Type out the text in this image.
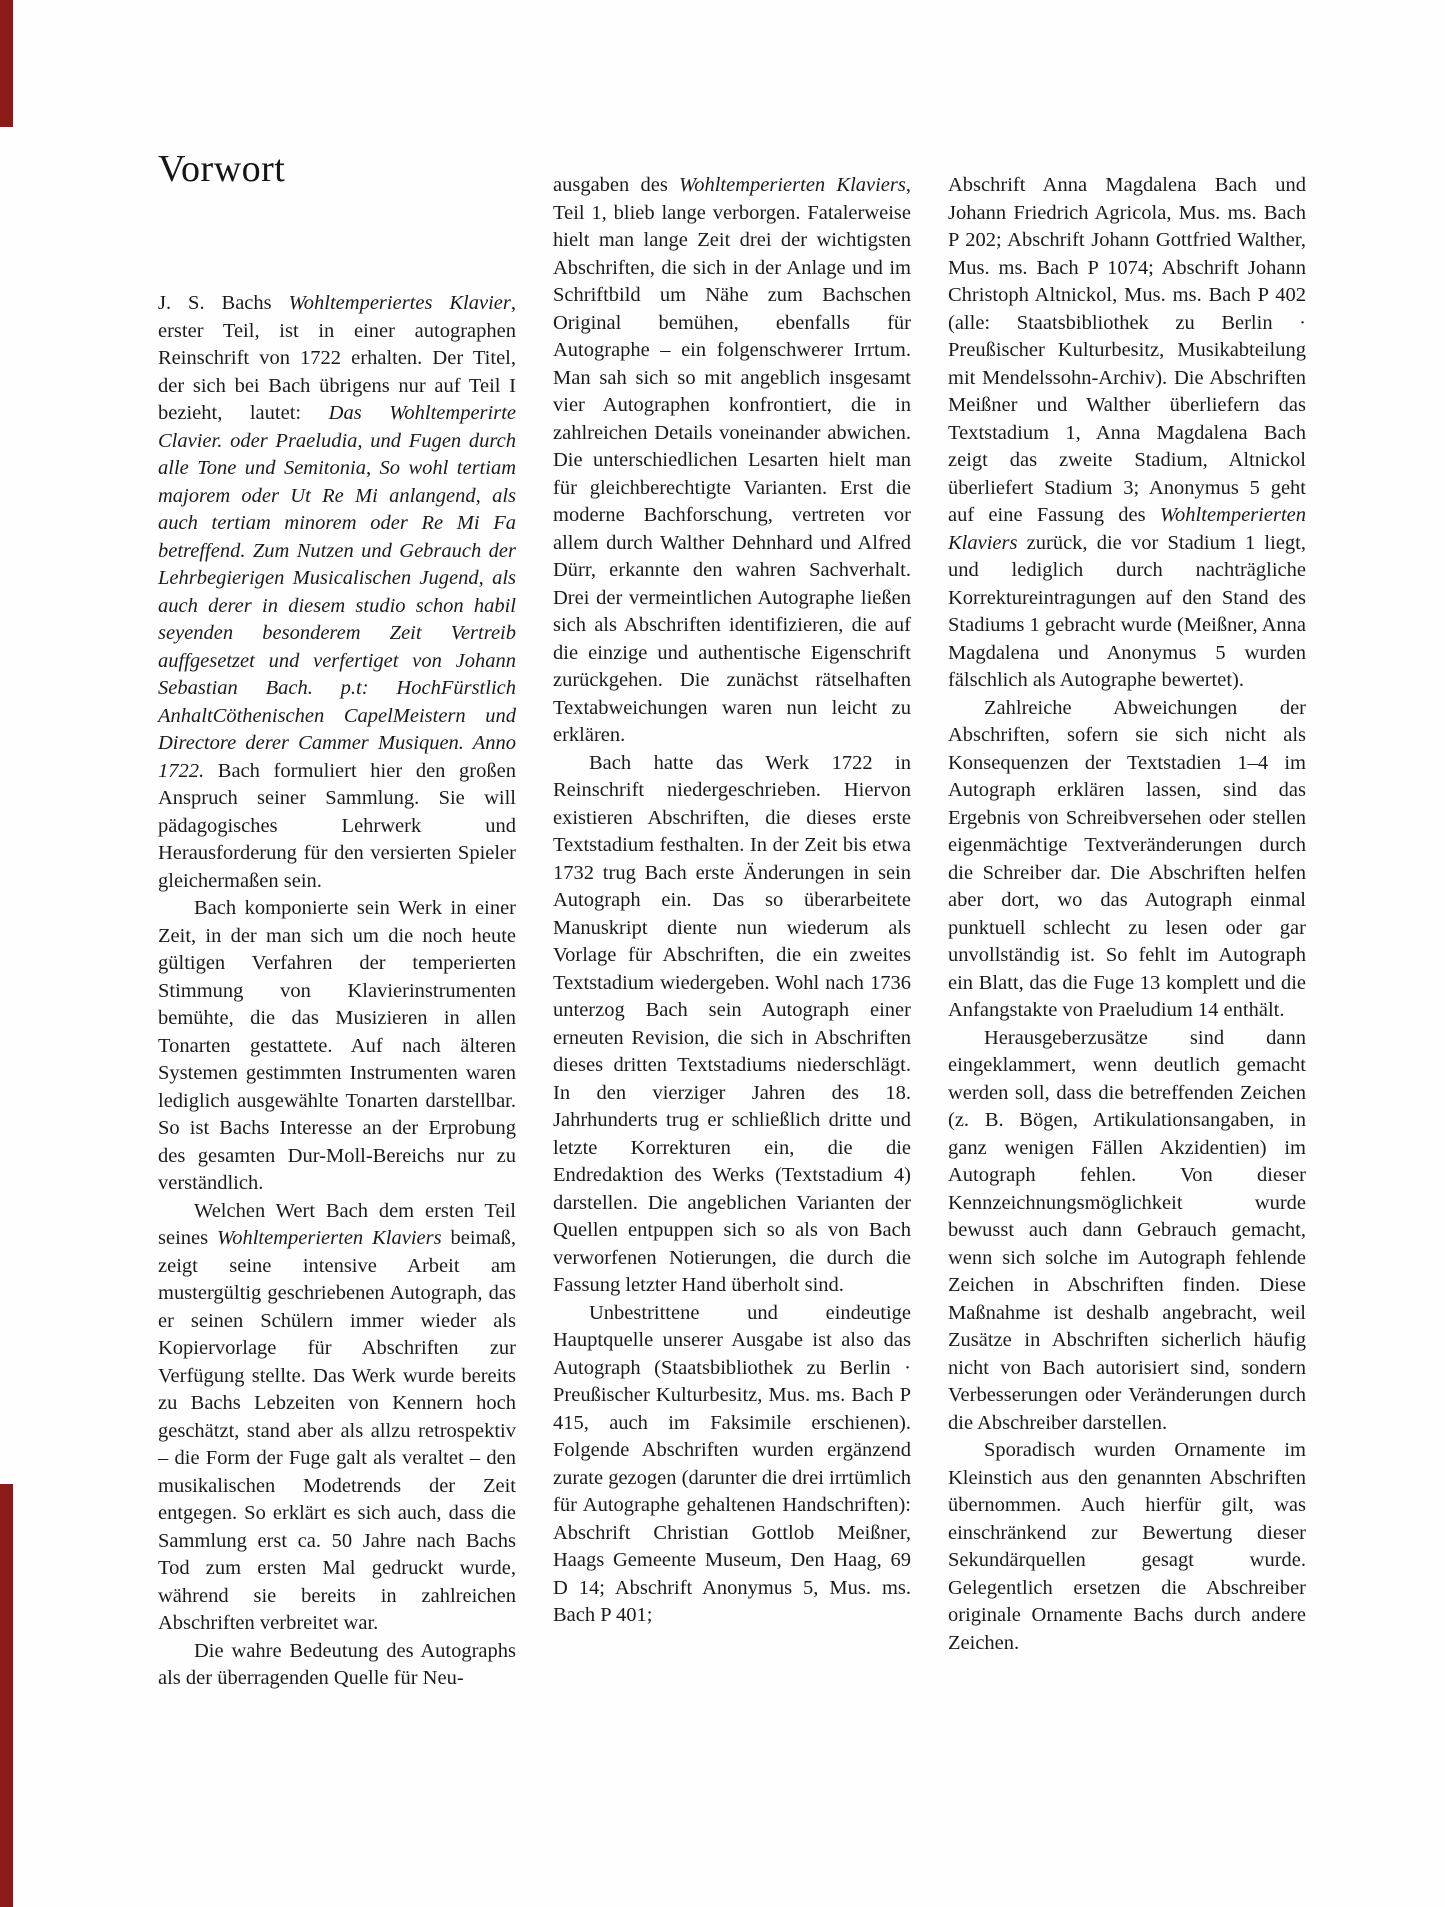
Vorwort

J. S. Bachs Wohltemperiertes Klavier, erster Teil, ist in einer autographen Reinschrift von 1722 erhalten. Der Titel, der sich bei Bach übrigens nur auf Teil I bezieht, lautet: Das Wohltemperirte Clavier. oder Praeludia, und Fugen durch alle Tone und Semitonia, So wohl tertiam majorem oder Ut Re Mi anlangend, als auch tertiam minorem oder Re Mi Fa betreffend. Zum Nutzen und Gebrauch der Lehrbegierigen Musicalischen Jugend, als auch derer in diesem studio schon habil seyenden besonderem Zeit Vertreib auffgesetzet und verfertiget von Johann Sebastian Bach. p.t: HochFürstlich AnhaltCöthenischen CapelMeistern und Directore derer Cammer Musiquen. Anno 1722. Bach formuliert hier den großen Anspruch seiner Sammlung. Sie will pädagogisches Lehrwerk und Herausforderung für den versierten Spieler gleichermaßen sein.

Bach komponierte sein Werk in einer Zeit, in der man sich um die noch heute gültigen Verfahren der temperierten Stimmung von Klavierinstrumenten bemühte, die das Musizieren in allen Tonarten gestattete. Auf nach älteren Systemen gestimmten Instrumenten waren lediglich ausgewählte Tonarten darstellbar. So ist Bachs Interesse an der Erprobung des gesamten Dur-Moll-Bereichs nur zu verständlich.

Welchen Wert Bach dem ersten Teil seines Wohltemperierten Klaviers beimaß, zeigt seine intensive Arbeit am mustergültig geschriebenen Autograph, das er seinen Schülern immer wieder als Kopiervorlage für Abschriften zur Verfügung stellte. Das Werk wurde bereits zu Bachs Lebzeiten von Kennern hoch geschätzt, stand aber als allzu retrospektiv – die Form der Fuge galt als veraltet – den musikalischen Modetrends der Zeit entgegen. So erklärt es sich auch, dass die Sammlung erst ca. 50 Jahre nach Bachs Tod zum ersten Mal gedruckt wurde, während sie bereits in zahlreichen Abschriften verbreitet war.

Die wahre Bedeutung des Autographs als der überragenden Quelle für Neu-

ausgaben des Wohltemperierten Klaviers, Teil 1, blieb lange verborgen. Fatalerweise hielt man lange Zeit drei der wichtigsten Abschriften, die sich in der Anlage und im Schriftbild um Nähe zum Bachschen Original bemühen, ebenfalls für Autographe – ein folgenschwerer Irrtum. Man sah sich so mit angeblich insgesamt vier Autographen konfrontiert, die in zahlreichen Details voneinander abwichen. Die unterschiedlichen Lesarten hielt man für gleichberechtigte Varianten. Erst die moderne Bachforschung, vertreten vor allem durch Walther Dehnhard und Alfred Dürr, erkannte den wahren Sachverhalt. Drei der vermeintlichen Autographe ließen sich als Abschriften identifizieren, die auf die einzige und authentische Eigenschrift zurückgehen. Die zunächst rätselhaften Textabweichungen waren nun leicht zu erklären.

Bach hatte das Werk 1722 in Reinschrift niedergeschrieben. Hiervon existieren Abschriften, die dieses erste Textstadium festhalten. In der Zeit bis etwa 1732 trug Bach erste Änderungen in sein Autograph ein. Das so überarbeitete Manuskript diente nun wiederum als Vorlage für Abschriften, die ein zweites Textstadium wiedergeben. Wohl nach 1736 unterzog Bach sein Autograph einer erneuten Revision, die sich in Abschriften dieses dritten Textstadiums niederschlägt. In den vierziger Jahren des 18. Jahrhunderts trug er schließlich dritte und letzte Korrekturen ein, die die Endredaktion des Werks (Textstadium 4) darstellen. Die angeblichen Varianten der Quellen entpuppen sich so als von Bach verworfenen Notierungen, die durch die Fassung letzter Hand überholt sind.

Unbestrittene und eindeutige Hauptquelle unserer Ausgabe ist also das Autograph (Staatsbibliothek zu Berlin · Preußischer Kulturbesitz, Mus. ms. Bach P 415, auch im Faksimile erschienen). Folgende Abschriften wurden ergänzend zurate gezogen (darunter die drei irrtümlich für Autographe gehaltenen Handschriften): Abschrift Christian Gottlob Meißner, Haags Gemeente Museum, Den Haag, 69 D 14; Abschrift Anonymus 5, Mus. ms. Bach P 401;

Abschrift Anna Magdalena Bach und Johann Friedrich Agricola, Mus. ms. Bach P 202; Abschrift Johann Gottfried Walther, Mus. ms. Bach P 1074; Abschrift Johann Christoph Altnickol, Mus. ms. Bach P 402 (alle: Staatsbibliothek zu Berlin · Preußischer Kulturbesitz, Musikabteilung mit Mendelssohn-Archiv). Die Abschriften Meißner und Walther überliefern das Textstadium 1, Anna Magdalena Bach zeigt das zweite Stadium, Altnickol überliefert Stadium 3; Anonymus 5 geht auf eine Fassung des Wohltemperierten Klaviers zurück, die vor Stadium 1 liegt, und lediglich durch nachträgliche Korrektureintragungen auf den Stand des Stadiums 1 gebracht wurde (Meißner, Anna Magdalena und Anonymus 5 wurden fälschlich als Autographe bewertet).

Zahlreiche Abweichungen der Abschriften, sofern sie sich nicht als Konsequenzen der Textstadien 1–4 im Autograph erklären lassen, sind das Ergebnis von Schreibversehen oder stellen eigenmächtige Textveränderungen durch die Schreiber dar. Die Abschriften helfen aber dort, wo das Autograph einmal punktuell schlecht zu lesen oder gar unvollständig ist. So fehlt im Autograph ein Blatt, das die Fuge 13 komplett und die Anfangstakte von Praeludium 14 enthält.

Herausgeberzusätze sind dann eingeklammert, wenn deutlich gemacht werden soll, dass die betreffenden Zeichen (z. B. Bögen, Artikulationsangaben, in ganz wenigen Fällen Akzidentien) im Autograph fehlen. Von dieser Kennzeichnungsmöglichkeit wurde bewusst auch dann Gebrauch gemacht, wenn sich solche im Autograph fehlende Zeichen in Abschriften finden. Diese Maßnahme ist deshalb angebracht, weil Zusätze in Abschriften sicherlich häufig nicht von Bach autorisiert sind, sondern Verbesserungen oder Veränderungen durch die Abschreiber darstellen.

Sporadisch wurden Ornamente im Kleinstich aus den genannten Abschriften übernommen. Auch hierfür gilt, was einschränkend zur Bewertung dieser Sekundärquellen gesagt wurde. Gelegentlich ersetzen die Abschreiber originale Ornamente Bachs durch andere Zeichen.
